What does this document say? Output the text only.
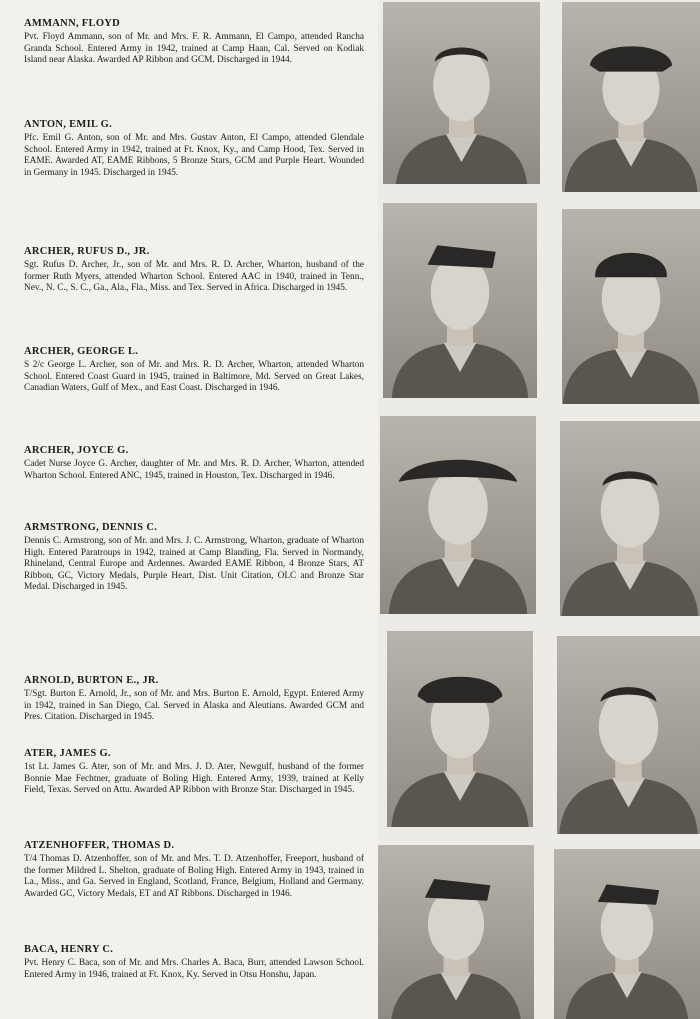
AMMANN, FLOYD

Pvt. Floyd Ammann, son of Mr. and Mrs. F. R. Ammann, El Campo, attended Rancha Granda School. Entered Army in 1942, trained at Camp Haan, Cal. Served on Kodiak Island near Alaska. Awarded AP Ribbon and GCM. Discharged in 1944.

ANTON, EMIL G.

Pfc. Emil G. Anton, son of Mr. and Mrs. Gustav Anton, El Campo, attended Glendale School. Entered Army in 1942, trained at Ft. Knox, Ky., and Camp Hood, Tex. Served in EAME. Awarded AT, EAME Ribbons, 5 Bronze Stars, GCM and Purple Heart. Wounded in Germany in 1945. Discharged in 1945.

ARCHER, RUFUS D., JR.

Sgt. Rufus D. Archer, Jr., son of Mr. and Mrs. R. D. Archer, Wharton, husband of the former Ruth Myers, attended Wharton School. Entered AAC in 1940, trained in Tenn., Nev., N. C., S. C., Ga., Ala., Fla., Miss. and Tex. Served in Africa. Discharged in 1945.

ARCHER, GEORGE L.

S 2/c George L. Archer, son of Mr. and Mrs. R. D. Archer, Wharton, attended Wharton School. Entered Coast Guard in 1945, trained in Baltimore, Md. Served on Great Lakes, Canadian Waters, Gulf of Mex., and East Coast. Discharged in 1946.

ARCHER, JOYCE G.

Cadet Nurse Joyce G. Archer, daughter of Mr. and Mrs. R. D. Archer, Wharton, attended Wharton School. Entered ANC, 1945, trained in Houston, Tex. Discharged in 1946.

ARMSTRONG, DENNIS C.

Dennis C. Armstrong, son of Mr. and Mrs. J. C. Armstrong, Wharton, graduate of Wharton High. Entered Paratroups in 1942, trained at Camp Blanding, Fla. Served in Normandy, Rhineland, Central Europe and Ardennes. Awarded EAME Ribbon, 4 Bronze Stars, AT Ribbon, GC, Victory Medals, Purple Heart, Dist. Unit Citation, OLC and Bronze Star Medal. Discharged in 1945.

ARNOLD, BURTON E., JR.

T/Sgt. Burton E. Arnold, Jr., son of Mr. and Mrs. Burton E. Arnold, Egypt. Entered Army in 1942, trained in San Diego, Cal. Served in Alaska and Aleutians. Awarded GCM and Pres. Citation. Discharged in 1945.

ATER, JAMES G.

1st Lt. James G. Ater, son of Mr. and Mrs. J. D. Ater, Newgulf, husband of the former Bonnie Mae Fechtner, graduate of Boling High. Entered Army, 1939, trained at Kelly Field, Texas. Served on Attu. Awarded AP Ribbon with Bronze Star. Discharged in 1945.

ATZENHOFFER, THOMAS D.

T/4 Thomas D. Atzenhoffer, son of Mr. and Mrs. T. D. Atzenhoffer, Freeport, husband of the former Mildred L. Shelton, graduate of Boling High. Entered Army in 1943, trained in La., Miss., and Ga. Served in England, Scotland, France, Belgium, Holland and Germany. Awarded GC, Victory Medals, ET and AT Ribbons. Discharged in 1946.

BACA, HENRY C.

Pvt. Henry C. Baca, son of Mr. and Mrs. Charles A. Baca, Burr, attended Lawson School. Entered Army in 1946, trained at Ft. Knox, Ky. Served in Otsu Honshu, Japan.
